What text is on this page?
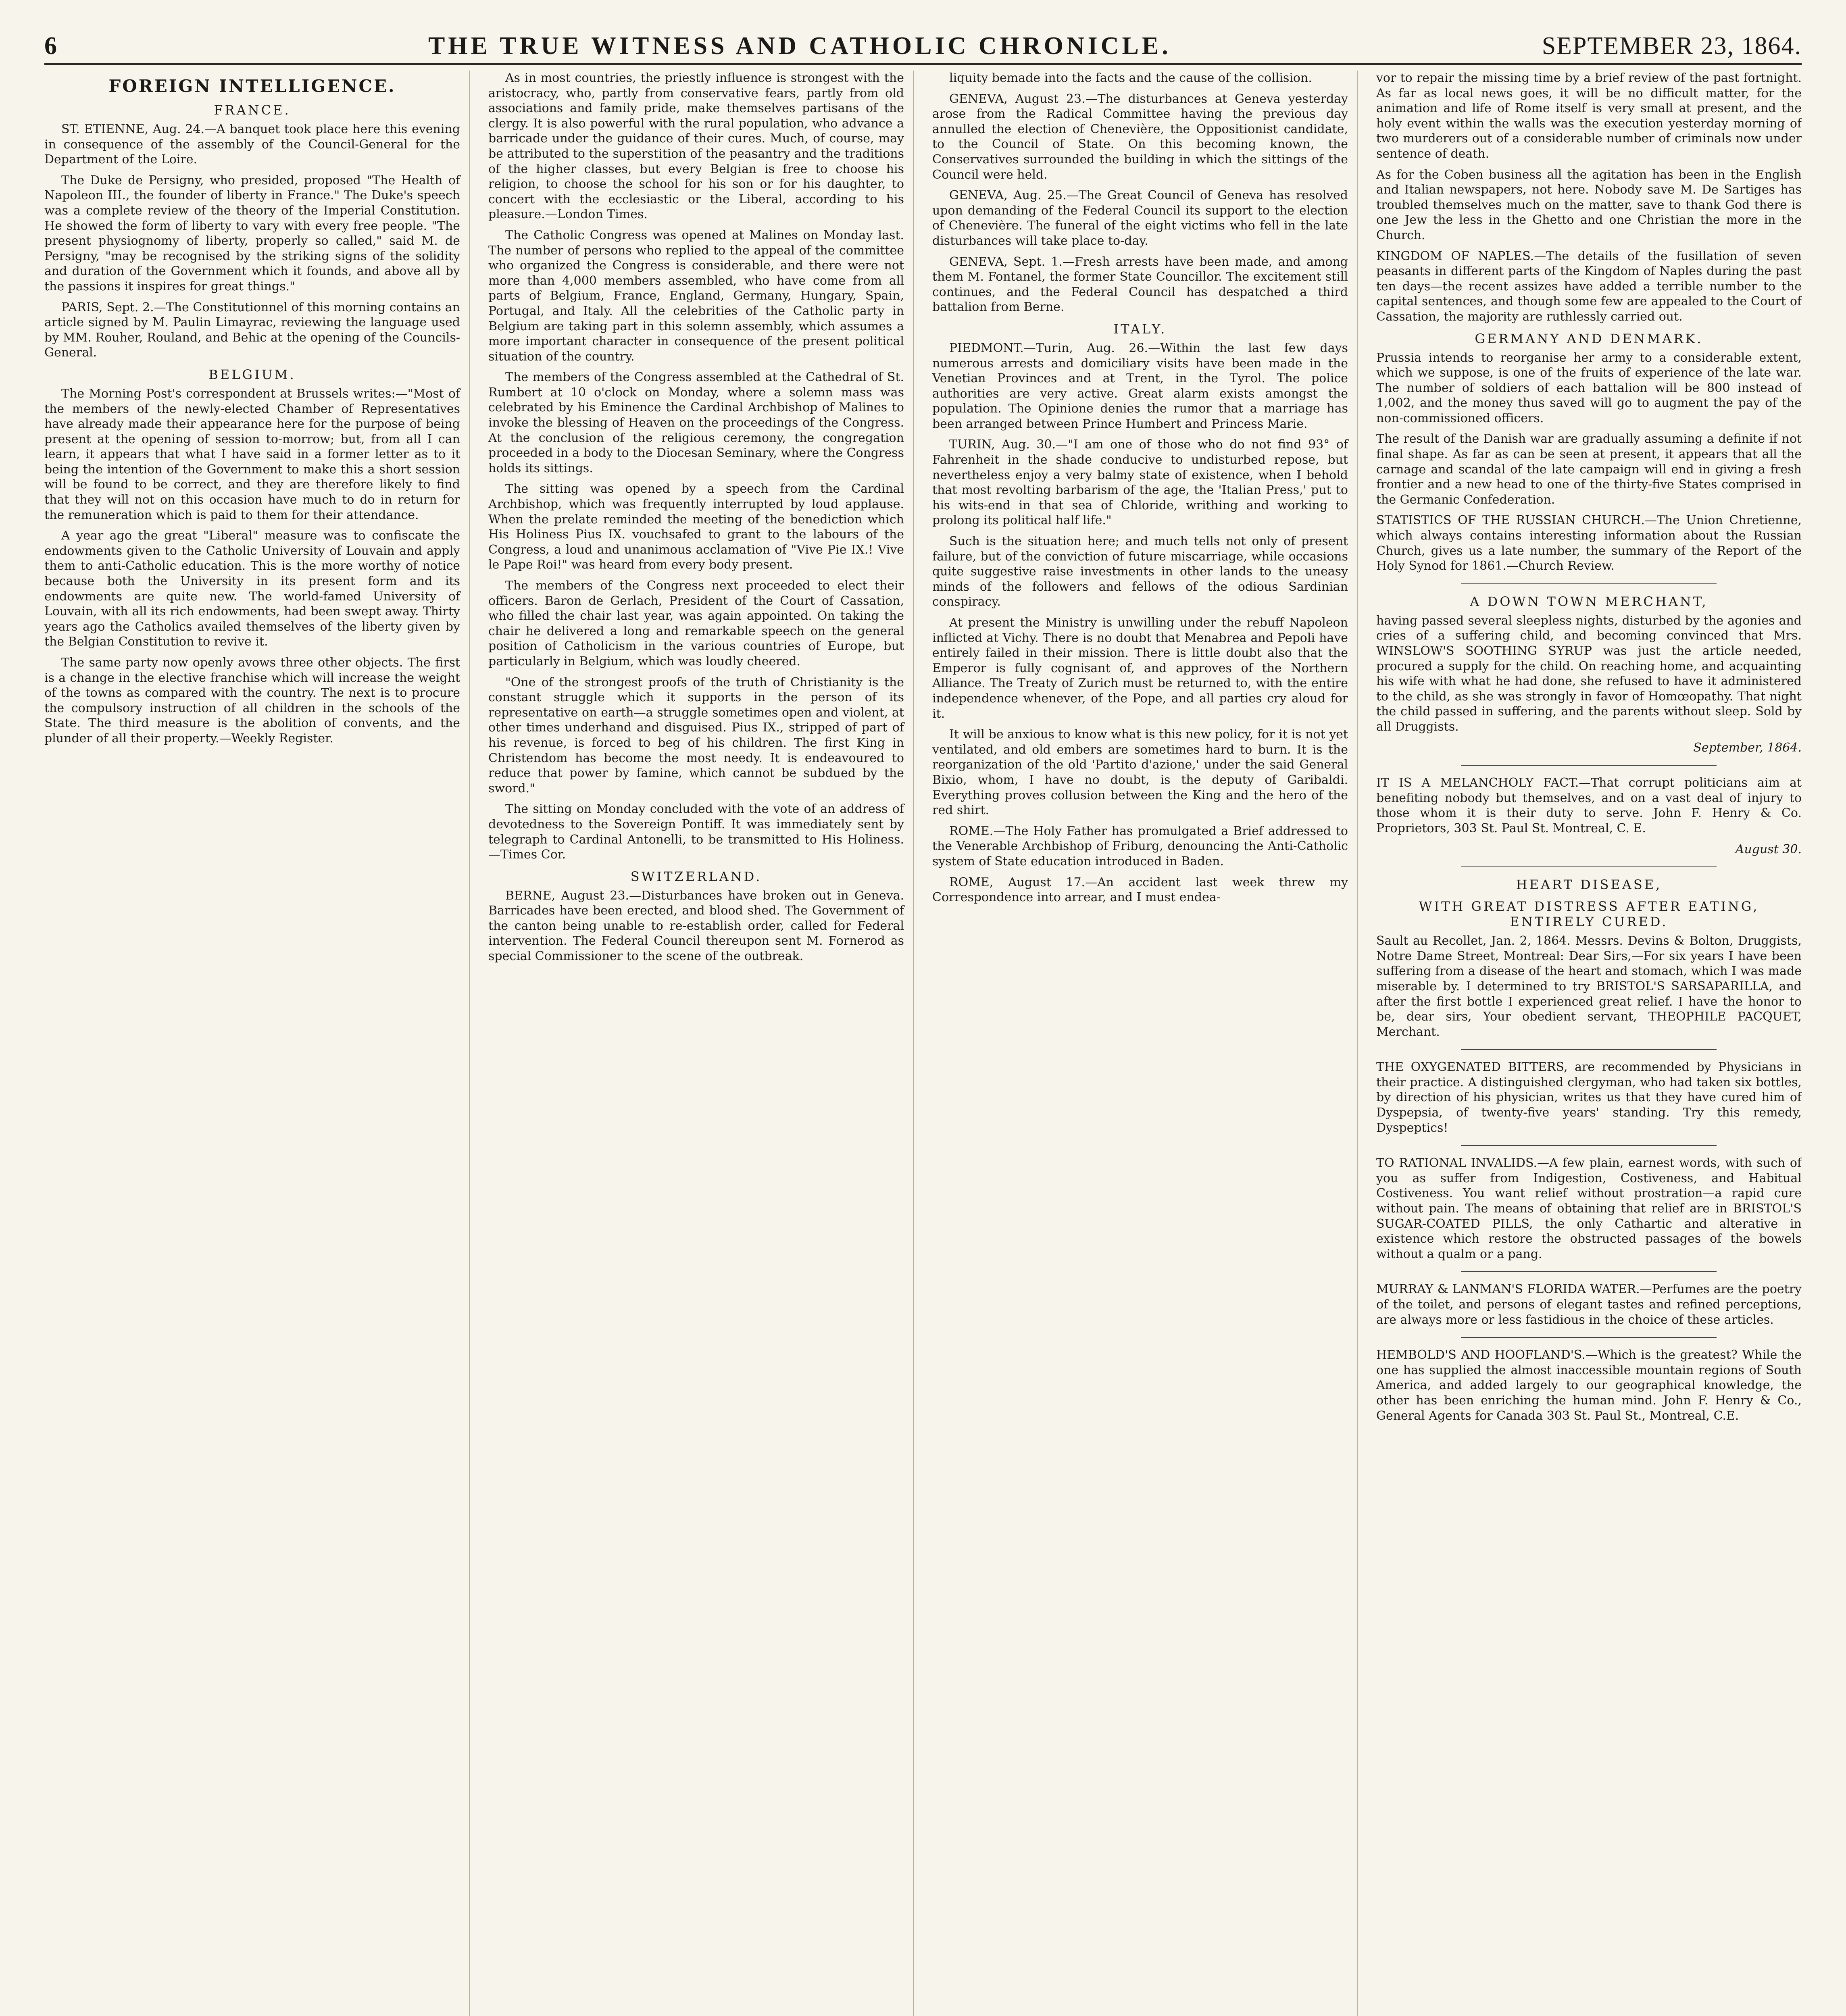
6	THE TRUE WITNESS AND CATHOLIC CHRONICLE.	SEPTEMBER 23, 1864.
FOREIGN INTELLIGENCE.
FRANCE.

ST. ETIENNE, Aug. 24.—A banquet took place here this evening in consequence of the assembly of the Council-General for the Department of the Loire.

The Duke de Persigny, who presided, proposed "The Health of Napoleon III., the founder of liberty in France." The Duke's speech was a complete review of the theory of the Imperial Constitution. He showed the form of liberty to vary with every free people. "The present physiognomy of liberty, properly so called," said M. de Persigny, "may be recognised by the striking signs of the solidity and duration of the Government which it founds, and above all by the passions it inspires for great things."

PARIS, Sept. 2.—The Constitutionnel of this morning contains an article signed by M. Paulin Limayrac, reviewing the language used by MM. Rouher, Rouland, and Behic at the opening of the Councils-General.

BELGIUM.

The Morning Post's correspondent at Brussels writes:—"Most of the members of the newly-elected Chamber of Representatives have already made their appearance here for the purpose of being present at the opening of session to-morrow; but, from all I can learn, it appears that what I have said in a former letter as to it being the intention of the Government to make this a short session will be found to be correct, and they are therefore likely to find that they will not on this occasion have much to do in return for the remuneration which is paid to them for their attendance.

A year ago the great "Liberal" measure was to confiscate the endowments given to the Catholic University of Louvain and apply them to anti-Catholic education. This is the more worthy of notice because both the University in its present form and its endowments are quite new. The world-famed University of Louvain, with all its rich endowments, had been swept away. Thirty years ago the Catholics availed themselves of the liberty given by the Belgian Constitution to revive it.

The same party now openly avows three other objects. The first is a change in the elective franchise which will increase the weight of the towns as compared with the country. The next is to procure the compulsory instruction of all children in the schools of the State. The third measure is the abolition of convents, and the plunder of all their property.—Weekly Register.

As in most countries, the priestly influence is strongest with the aristocracy, who, partly from conservative fears, partly from old associations and family pride, make themselves partisans of the clergy. It is also powerful with the rural population, who advance a barricade under the guidance of their cures. Much, of course, may be attributed to the superstition of the peasantry and the traditions of the higher classes, but every Belgian is free to choose his religion, to choose the school for his son or for his daughter, to concert with the ecclesiastic or the Liberal, according to his pleasure.—London Times.

The Catholic Congress was opened at Malines on Monday last. The number of persons who replied to the appeal of the committee who organized the Congress is considerable, and there were not more than 4,000 members assembled, who have come from all parts of Belgium, France, England, Germany, Hungary, Spain, Portugal, and Italy. All the celebrities of the Catholic party in Belgium are taking part in this solemn assembly, which assumes a more important character in consequence of the present political situation of the country.

The members of the Congress assembled at the Cathedral of St. Rumbert at 10 o'clock on Monday, where a solemn mass was celebrated by his Eminence the Cardinal Archbishop of Malines to invoke the blessing of Heaven on the proceedings of the Congress. At the conclusion of the religious ceremony, the congregation proceeded in a body to the Diocesan Seminary, where the Congress holds its sittings.

The sitting was opened by a speech from the Cardinal Archbishop, which was frequently interrupted by loud applause. When the prelate reminded the meeting of the benediction which His Holiness Pius IX. vouchsafed to grant to the labours of the Congress, a loud and unanimous acclamation of "Vive Pie IX.! Vive le Pape Roi!" was heard from every body present.

The members of the Congress next proceeded to elect their officers. Baron de Gerlach, President of the Court of Cassation, who filled the chair last year, was again appointed. On taking the chair he delivered a long and remarkable speech on the general position of Catholicism in the various countries of Europe, but particularly in Belgium, which was loudly cheered.

"One of the strongest proofs of the truth of Christianity is the constant struggle which it supports in the person of its representative on earth—a struggle sometimes open and violent, at other times underhand and disguised. Pius IX., stripped of part of his revenue, is forced to beg of his children. The first King in Christendom has become the most needy. It is endeavoured to reduce that power by famine, which cannot be subdued by the sword."

The sitting on Monday concluded with the vote of an address of devotedness to the Sovereign Pontiff. It was immediately sent by telegraph to Cardinal Antonelli, to be transmitted to His Holiness.—Times Cor.

SWITZERLAND.

BERNE, August 23.—Disturbances have broken out in Geneva. Barricades have been erected, and blood shed. The Government of the canton being unable to re-establish order, called for Federal intervention. The Federal Council thereupon sent M. Fornerod as special Commissioner to the scene of the outbreak.

liquity bemade into the facts and the cause of the collision.

GENEVA, August 23.—The disturbances at Geneva yesterday arose from the Radical Committee having the previous day annulled the election of Chenevière, the Oppositionist candidate, to the Council of State. On this becoming known, the Conservatives surrounded the building in which the sittings of the Council were held.

GENEVA, Aug. 25.—The Great Council of Geneva has resolved upon demanding of the Federal Council its support to the election of Chenevière. The funeral of the eight victims who fell in the late disturbances will take place to-day.

GENEVA, Sept. 1.—Fresh arrests have been made, and among them M. Fontanel, the former State Councillor. The excitement still continues, and the Federal Council has despatched a third battalion from Berne.

ITALY.

PIEDMONT.—Turin, Aug. 26.—Within the last few days numerous arrests and domiciliary visits have been made in the Venetian Provinces and at Trent, in the Tyrol. The police authorities are very active. Great alarm exists amongst the population. The Opinione denies the rumor that a marriage has been arranged between Prince Humbert and Princess Marie.

TURIN, Aug. 30.—"I am one of those who do not find 93° of Fahrenheit in the shade conducive to undisturbed repose, but nevertheless enjoy a very balmy state of existence, when I behold that most revolting barbarism of the age, the 'Italian Press,' put to his wits-end in that sea of Chloride, writhing and working to prolong its political half life."

Such is the situation here; and much tells not only of present failure, but of the conviction of future miscarriage, while occasions quite suggestive raise investments in other lands to the uneasy minds of the followers and fellows of the odious Sardinian conspiracy.

At present the Ministry is unwilling under the rebuff Napoleon inflicted at Vichy. There is no doubt that Menabrea and Pepoli have entirely failed in their mission. There is little doubt also that the Emperor is fully cognisant of, and approves of the Northern Alliance. The Treaty of Zurich must be returned to, with the entire independence whenever, of the Pope, and all parties cry aloud for it.

It will be anxious to know what is this new policy, for it is not yet ventilated, and old embers are sometimes hard to burn. It is the reorganization of the old 'Partito d'azione,' under the said General Bixio, whom, I have no doubt, is the deputy of Garibaldi. Everything proves collusion between the King and the hero of the red shirt.

ROME.—The Holy Father has promulgated a Brief addressed to the Venerable Archbishop of Friburg, denouncing the Anti-Catholic system of State education introduced in Baden.

ROME, August 17.—An accident last week threw my Correspondence into arrear, and I must endea-

vor to repair the missing time by a brief review of the past fortnight. As far as local news goes, it will be no difficult matter, for the animation and life of Rome itself is very small at present, and the holy event within the walls was the execution yesterday morning of two murderers out of a considerable number of criminals now under sentence of death.

As for the Coben business all the agitation has been in the English and Italian newspapers, not here. Nobody save M. De Sartiges has troubled themselves much on the matter, save to thank God there is one Jew the less in the Ghetto and one Christian the more in the Church.

KINGDOM OF NAPLES.—The details of the fusillation of seven peasants in different parts of the Kingdom of Naples during the past ten days—the recent assizes have added a terrible number to the capital sentences, and though some few are appealed to the Court of Cassation, the majority are ruthlessly carried out.

GERMANY AND DENMARK.

Prussia intends to reorganise her army to a considerable extent, which we suppose, is one of the fruits of experience of the late war. The number of soldiers of each battalion will be 800 instead of 1,002, and the money thus saved will go to augment the pay of the non-commissioned officers.

The result of the Danish war are gradually assuming a definite if not final shape. As far as can be seen at present, it appears that all the carnage and scandal of the late campaign will end in giving a fresh frontier and a new head to one of the thirty-five States comprised in the Germanic Confederation.

STATISTICS OF THE RUSSIAN CHURCH.—The Union Chretienne, which always contains interesting information about the Russian Church, gives us a late number, the summary of the Report of the Holy Synod for 1861.—Church Review.

A DOWN TOWN MERCHANT,

having passed several sleepless nights, disturbed by the agonies and cries of a suffering child, and becoming convinced that Mrs. WINSLOW'S SOOTHING SYRUP was just the article needed, procured a supply for the child. On reaching home, and acquainting his wife with what he had done, she refused to have it administered to the child, as she was strongly in favor of Homœopathy. That night the child passed in suffering, and the parents without sleep. Sold by all Druggists.

September, 1864.

IT IS A MELANCHOLY FACT.—That corrupt politicians aim at benefiting nobody but themselves, and on a vast deal of injury to those whom it is their duty to serve. John F. Henry & Co. Proprietors, 303 St. Paul St. Montreal, C. E.

August 30.

HEART DISEASE,
WITH GREAT DISTRESS AFTER EATING, ENTIRELY CURED.

Sault au Recollet, Jan. 2, 1864. Messrs. Devins & Bolton, Druggists, Notre Dame Street, Montreal: Dear Sirs,—For six years I have been suffering from a disease of the heart and stomach, which I was made miserable by. I determined to try BRISTOL'S SARSAPARILLA, and after the first bottle I experienced great relief. I have the honor to be, dear sirs, Your obedient servant, THEOPHILE PACQUET, Merchant.

THE OXYGENATED BITTERS, are recommended by Physicians in their practice. A distinguished clergyman, who had taken six bottles, by direction of his physician, writes us that they have cured him of Dyspepsia, of twenty-five years' standing. Try this remedy, Dyspeptics!

TO RATIONAL INVALIDS.—A few plain, earnest words, with such of you as suffer from Indigestion, Costiveness, and Habitual Costiveness. You want relief without prostration—a rapid cure without pain. The means of obtaining that relief are in BRISTOL'S SUGAR-COATED PILLS, the only Cathartic and alterative in existence which restore the obstructed passages of the bowels without a qualm or a pang.

MURRAY & LANMAN'S FLORIDA WATER.—Perfumes are the poetry of the toilet, and persons of elegant tastes and refined perceptions, are always more or less fastidious in the choice of these articles.

HEMBOLD'S AND HOOFLAND'S.—Which is the greatest? While the one has supplied the almost inaccessible mountain regions of South America, and added largely to our geographical knowledge, the other has been enriching the human mind. John F. Henry & Co., General Agents for Canada 303 St. Paul St., Montreal, C.E.
